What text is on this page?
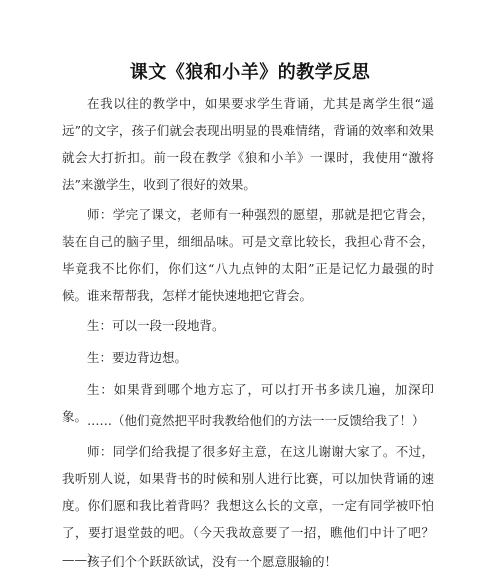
课文《狼和小羊》的教学反思
在我以往的教学中，如果要求学生背诵，尤其是离学生很“遥远”的文字，孩子们就会表现出明显的畏难情绪，背诵的效率和效果就会大打折扣。前一段在教学《狼和小羊》一课时，我使用“激将法”来激学生，收到了很好的效果。
师：学完了课文，老师有一种强烈的愿望，那就是把它背会，装在自己的脑子里，细细品味。可是文章比较长，我担心背不会，毕竟我不比你们，你们这“八九点钟的太阳”正是记忆力最强的时候。谁来帮帮我，怎样才能快速地把它背会。
生：可以一段一段地背。
生：要边背边想。
生：如果背到哪个地方忘了，可以打开书多读几遍，加深印象。 ……（他们竟然把平时我教给他们的方法一一反馈给我了！）
师：同学们给我提了很多好主意，在这儿谢谢大家了。不过，我听别人说，如果背书的时候和别人进行比赛，可以加快背诵的速度。你们愿和我比着背吗？我想这么长的文章，一定有同学被吓怕了，要打退堂鼓的吧。（今天我故意要了一招，瞧他们中计了吧？——）
孩子们个个跃跃欲试，没有一个愿意服输的！
